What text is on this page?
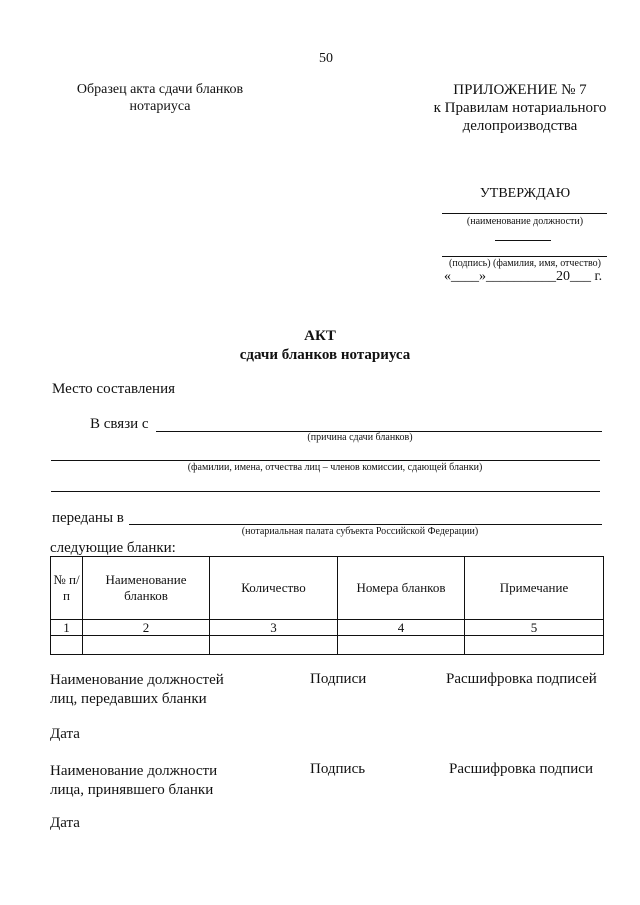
50
Образец акта сдачи бланков
нотариуса
ПРИЛОЖЕНИЕ № 7
к Правилам нотариального
делопроизводства
УТВЕРЖДАЮ
(наименование должности)
(подпись) (фамилия, имя, отчество)
«____»__________20___ г.
АКТ
сдачи бланков нотариуса
Место составления
В связи с
(причина сдачи бланков)
(фамилии, имена, отчества лиц – членов комиссии, сдающей бланки)
переданы в
(нотариальная палата субъекта Российской Федерации)
следующие бланки:
№ п/п	Наименование бланков	Количество	Номера бланков	Примечание
1	2	3	4	5

Наименование должностей
лиц, передавших бланки
Подписи	Расшифровка подписей
Дата
Наименование должности
лица, принявшего бланки
Подпись	Расшифровка подписи
Дата
